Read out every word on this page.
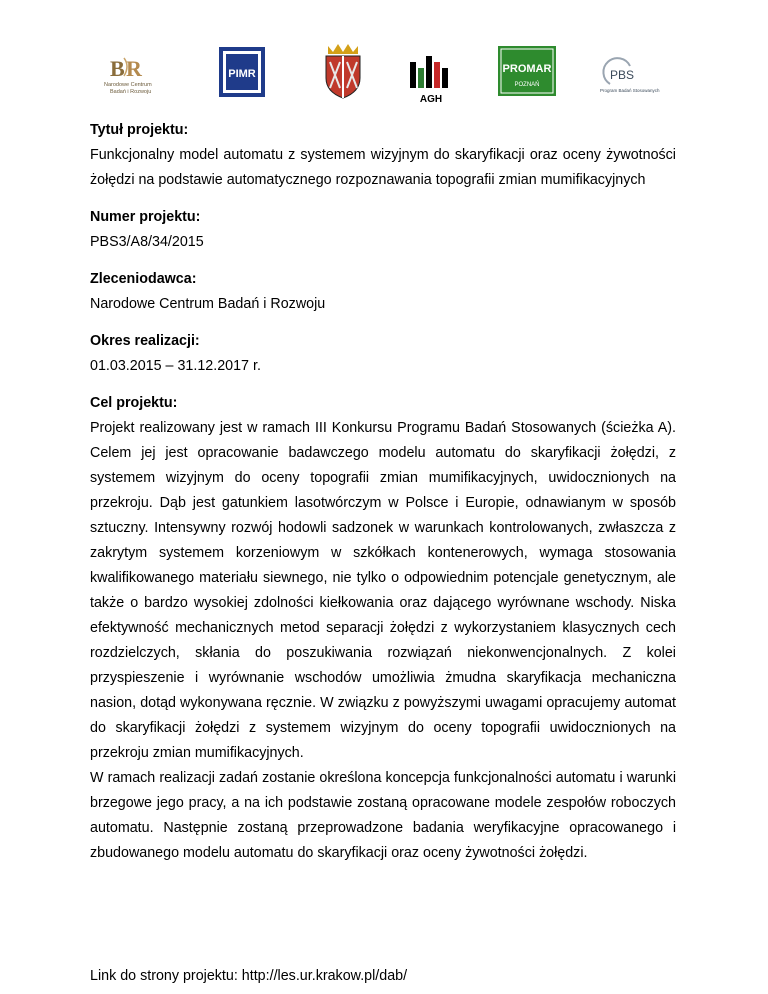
B R
Narodowe Centrum
Badań i Rozwoju
PIMR
AGH
PROMAR
POZNAŃ
PBS
Program Badań Stosowanych

Tytuł projektu:

Funkcjonalny model automatu z systemem wizyjnym do skaryfikacji oraz oceny żywotności żołędzi na podstawie automatycznego rozpoznawania topografii zmian mumifikacyjnych

Numer projektu:

PBS3/A8/34/2015

Zleceniodawca:

Narodowe Centrum Badań i Rozwoju

Okres realizacji:

01.03.2015 – 31.12.2017 r.

Cel projektu:

Projekt realizowany jest w ramach III Konkursu Programu Badań Stosowanych (ścieżka A). Celem jej jest opracowanie badawczego modelu automatu do skaryfikacji żołędzi, z systemem wizyjnym do oceny topografii zmian mumifikacyjnych, uwidocznionych na przekroju. Dąb jest gatunkiem lasotwórczym w Polsce i Europie, odnawianym w sposób sztuczny. Intensywny rozwój hodowli sadzonek w warunkach kontrolowanych, zwłaszcza z zakrytym systemem korzeniowym w szkółkach kontenerowych, wymaga stosowania kwalifikowanego materiału siewnego, nie tylko o odpowiednim potencjale genetycznym, ale także o bardzo wysokiej zdolności kiełkowania oraz dającego wyrównane wschody. Niska efektywność mechanicznych metod separacji żołędzi z wykorzystaniem klasycznych cech rozdzielczych, skłania do poszukiwania rozwiązań niekonwencjonalnych. Z kolei przyspieszenie i wyrównanie wschodów umożliwia żmudna skaryfikacja mechaniczna nasion, dotąd wykonywana ręcznie. W związku z powyższymi uwagami opracujemy automat do skaryfikacji żołędzi z systemem wizyjnym do oceny topografii uwidocznionych na przekroju zmian mumifikacyjnych.

W ramach realizacji zadań zostanie określona koncepcja funkcjonalności automatu i warunki brzegowe jego pracy, a na ich podstawie zostaną opracowane modele zespołów roboczych automatu. Następnie zostaną przeprowadzone badania weryfikacyjne opracowanego i zbudowanego modelu automatu do skaryfikacji oraz oceny żywotności żołędzi.

Link do strony projektu: http://les.ur.krakow.pl/dab/
